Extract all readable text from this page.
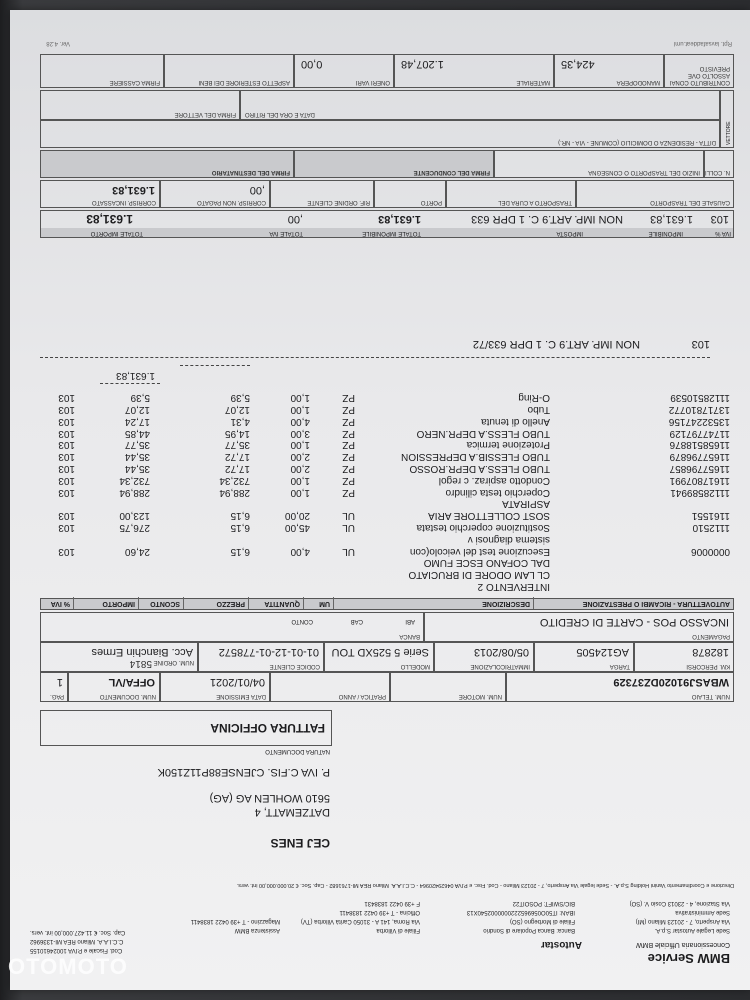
BMW Service
Concessionaria Ufficiale BMW
Autostar
Sede Legale Autostar S.p.A.
Via Ansperto, 7 - 20123 Milano (MI)
Sede Amministrativa
Via Stazione, 4 - 23013 Cosio V. (SO)
Banca: Banca Popolare di Sondrio
Filiale di Morbegno (SO)
IBAN: IT50O0569652220000002540X13
BIC/SWIFT: POSOIT22
Filiale di Villorba
Via Roma, 141 A - 31050 Carità Villorba (TV)
Officina - T +39 0422 1838411
F +39 0422 1838431
Assistenza BMW
Magazzino - T +39 0422 1838411
Cod. Fiscale e P.IVA 10024610155
C.C.I.A.A. Milano REA MI-1336962
Cap. Soc. € 11.427.000,00 int. vers.
Direzione e Coordinamento Vanini Holding S.p.A. - Sede legale Via Ansperto, 7 - 20123 Milano - Cod. Fisc. e P.IVA 04629420964 - C.C.I.A.A. Milano REA MI-1761682 - Cap. Soc. € 20.000.000,00 int. vers.
CEJ ENES
DATZEMATT, 4
5610 WOHLEN AG (AG)
P. IVA C.FIS. CJENSE88P11Z150K
NATURA DOCUMENTO
FATTURA OFFICINA
NUM. TELAIO
WBASJ91020DZ37329
NUM. MOTORE
PRATICA / ANNO
DATA EMISSIONE
04/01/2021
NUM. DOCUMENTO
OFFA/VL
PAG.
1
KM. PERCORSI
182878
TARGA
AG124505
IMMATRICOLAZIONE
05/08/2013
MODELLO
Serie 5 525XD TOU
CODICE CLIENTE
01-01-12-01-778572
NUM. ORDINE 5814
Acc. Bianchin Ermes
PAGAMENTO
INCASSO POS - CARTE DI CREDITO
BANCA
ABI
CAB
CONTO
AUTOVETTURA - RICAMBI O PRESTAZIONE
DESCRIZIONE
UM
QUANTITA
PREZZO
SCONTO
IMPORTO
% IVA
INTERVENTO 2
CL LAM ODORE DI BRUCIATO
DAL COFANO ESCE FUMO
0000006
Esecuzione test del veicolo(con
UL
4,00
6,15
24,60
103
sistema diagnosi v
1112510
Sostituzione coperchio testata
UL
45,00
6,15
276,75
103
1161551
SOST COLLETTORE ARIA
UL
20,00
6,15
123,00
103
ASPIRATA
11128589941
Coperchio testa cilindro
PZ
1,00
288,94
288,94
103
11617807991
Condotto aspiraz. c regol
PZ
1,00
732,34
732,34
103
11657796857
TUBO FLESS.A DEPR.ROSSO
PZ
2,00
17,72
35,44
103
11657796879
TUBO FLESSIB.A DEPRESSION
PZ
2,00
17,72
35,44
103
11658518876
Protezione termica
PZ
1,00
35,77
35,77
103
11747797129
TUBO FLESS.A DEPR.NERO
PZ
3,00
14,95
44,85
103
13532247156
Anello di tenuta
PZ
4,00
4,31
17,24
103
13717810772
Tubo
PZ
1,00
12,07
12,07
103
11128510539
O-Ring
PZ
1,00
5,39
5,39
103
1.631,83
103
NON IMP. ART.9 C. 1 DPR 633/72
IVA %
IMPONIBILE
IMPOSTA
TOTALE IMPONIBILE
TOTALE IVA
TOTALE IMPORTO
103
1.631,83
NON IMP. ART.9 C. 1 DPR 633
1.631,83
,00
1.631,83
CAUSALE DEL TRASPORTO
TRASPORTO A CURA DEL
PORTO
RIF. ORDINE CLIENTE
CORRISP. NON PAGATO
,00
CORRISP. INCASSATO
1.631,83
N. COLLI
INIZIO DEL TRASPORTO O CONSEGNA
FIRMA DEL CONDUCENTE
FIRMA DEL DESTINATARIO
VETTORE
DITTA - RESIDENZA O DOMICILIO (COMUNE - VIA - NR.)
DATA E ORA DEL RITIRO
FIRMA DEL VETTORE
CONTRIBUTO CONAI ASSOLTO OVE PREVISTO
MANODOPERA
424,35
MATERIALE
1.207,48
ONERI VARI
0,00
ASPETTO ESTERIORE DEI BENI
FIRMA CASSIERE
Rpt. lavsafaddeat.uml
Ver. 4.28
OTOMOTO
